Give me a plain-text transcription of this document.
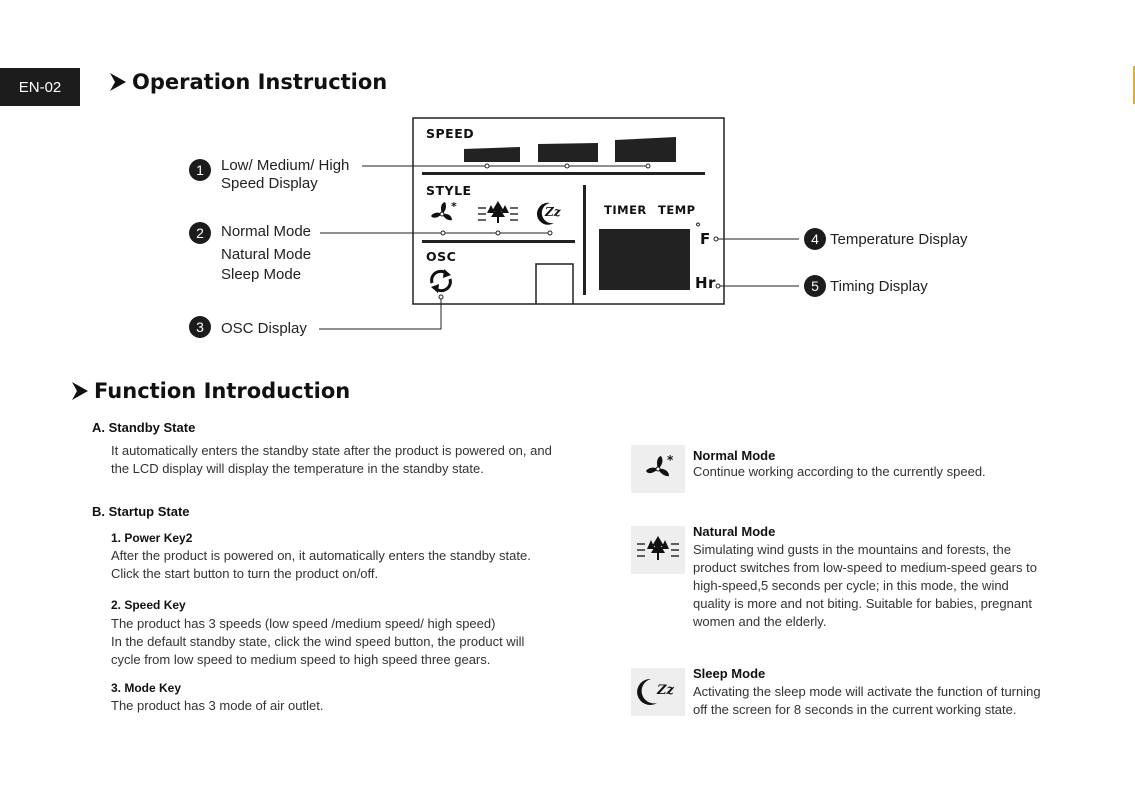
EN-02	Operation Instruction
*
SPEED
STYLE
OSC
TIMER TEMP
°
F
Hr
Zz
1	Low/ Medium/ High
Speed Display
2	Normal Mode
Natural Mode
Sleep Mode
3	OSC Display
4 Temperature Display
5 Timing Display
Function Introduction
A. Standby State
It automatically enters the standby state after the product is powered on, and
the LCD display will display the temperature in the standby state.
B. Startup State
1. Power Key2
After the product is powered on, it automatically enters the standby state.
Click the start button to turn the product on/off.
2. Speed Key
The product has 3 speeds (low speed /medium speed/ high speed)
In the default standby state, click the wind speed button, the product will
cycle from low speed to medium speed to high speed three gears.
3. Mode Key
The product has 3 mode of air outlet.
* Normal Mode
Continue working according to the currently speed.
Natural Mode
Simulating wind gusts in the mountains and forests, the
product switches from low-speed to medium-speed gears to
high-speed,5 seconds per cycle; in this mode, the wind
quality is more and not biting. Suitable for babies, pregnant
women and the elderly.
Zz
Sleep Mode
Activating the sleep mode will activate the function of turning
off the screen for 8 seconds in the current working state.
